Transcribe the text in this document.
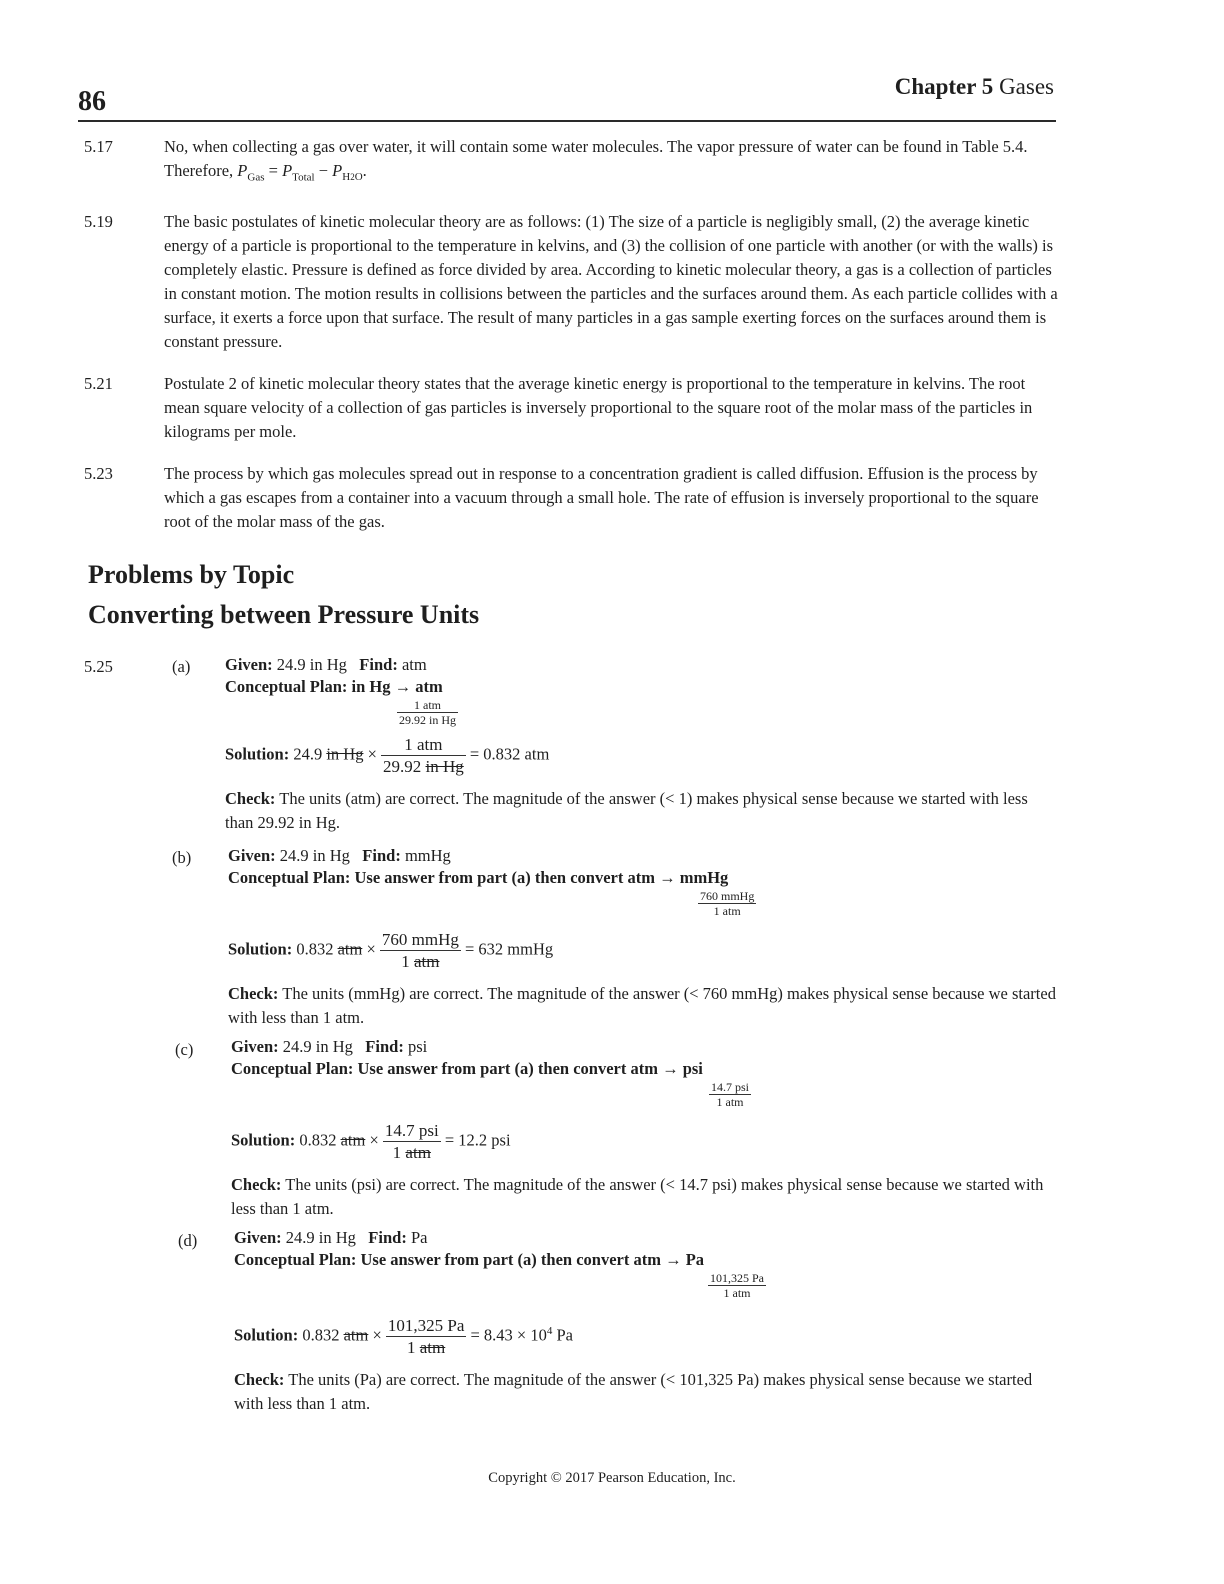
86	Chapter 5 Gases
5.17	No, when collecting a gas over water, it will contain some water molecules. The vapor pressure of water can be found in Table 5.4. Therefore, $P_{Gas} = P_{Total} - P_{H2O}$.
5.19	The basic postulates of kinetic molecular theory are as follows: (1) The size of a particle is negligibly small, (2) the average kinetic energy of a particle is proportional to the temperature in kelvins, and (3) the collision of one particle with another (or with the walls) is completely elastic. Pressure is defined as force divided by area. According to kinetic molecular theory, a gas is a collection of particles in constant motion. The motion results in collisions between the particles and the surfaces around them. As each particle collides with a surface, it exerts a force upon that surface. The result of many particles in a gas sample exerting forces on the surfaces around them is constant pressure.
5.21	Postulate 2 of kinetic molecular theory states that the average kinetic energy is proportional to the temperature in kelvins. The root mean square velocity of a collection of gas particles is inversely proportional to the square root of the molar mass of the particles in kilograms per mole.
5.23	The process by which gas molecules spread out in response to a concentration gradient is called diffusion. Effusion is the process by which a gas escapes from a container into a vacuum through a small hole. The rate of effusion is inversely proportional to the square root of the molar mass of the gas.
Problems by Topic
Converting between Pressure Units
5.25	(a) Given: 24.9 in Hg Find: atm
Conceptual Plan: in Hg → atm
$\frac{\text{1 atm}}{\text{29.92 in Hg}}$
Solution: 24.9 in $Hg \times \frac{\text{1 atm}}{\text{29.92 in Hg}} = 0.832$ atm
Check: The units (atm) are correct. The magnitude of the answer (< 1) makes physical sense because we started with less than 29.92 in Hg.
(b) Given: 24.9 in Hg Find: mmHg
Conceptual Plan: Use answer from part (a) then convert atm → mmHg
$\frac{\text{760 mmHg}}{\text{1 atm}}$
Solution: 0.832 atm × $\frac{\text{760 mmHg}}{\text{1 atm}} = 632$ mmHg
Check: The units (mmHg) are correct. The magnitude of the answer (< 760 mmHg) makes physical sense because we started with less than 1 atm.
(c) Given: 24.9 in Hg Find: psi
Conceptual Plan: Use answer from part (a) then convert atm → psi
$\frac{\text{14.7 psi}}{\text{1 atm}}$
Solution: 0.832 atm × $\frac{\text{14.7 psi}}{\text{1 atm}} = 12.2$ psi
Check: The units (psi) are correct. The magnitude of the answer (< 14.7 psi) makes physical sense because we started with less than 1 atm.
(d) Given: 24.9 in Hg Find: Pa
Conceptual Plan: Use answer from part (a) then convert atm → Pa
$\frac{101,325 Pa}{\text{1 atm}}$
Solution: 0.832 atm × $\frac{101,325 Pa}{\text{1 atm}} = 8.43 \times 10^4$ Pa
Check: The units (Pa) are correct. The magnitude of the answer (< 101,325 Pa) makes physical sense because we started with less than 1 atm.
Copyright © 2017 Pearson Education, Inc.
